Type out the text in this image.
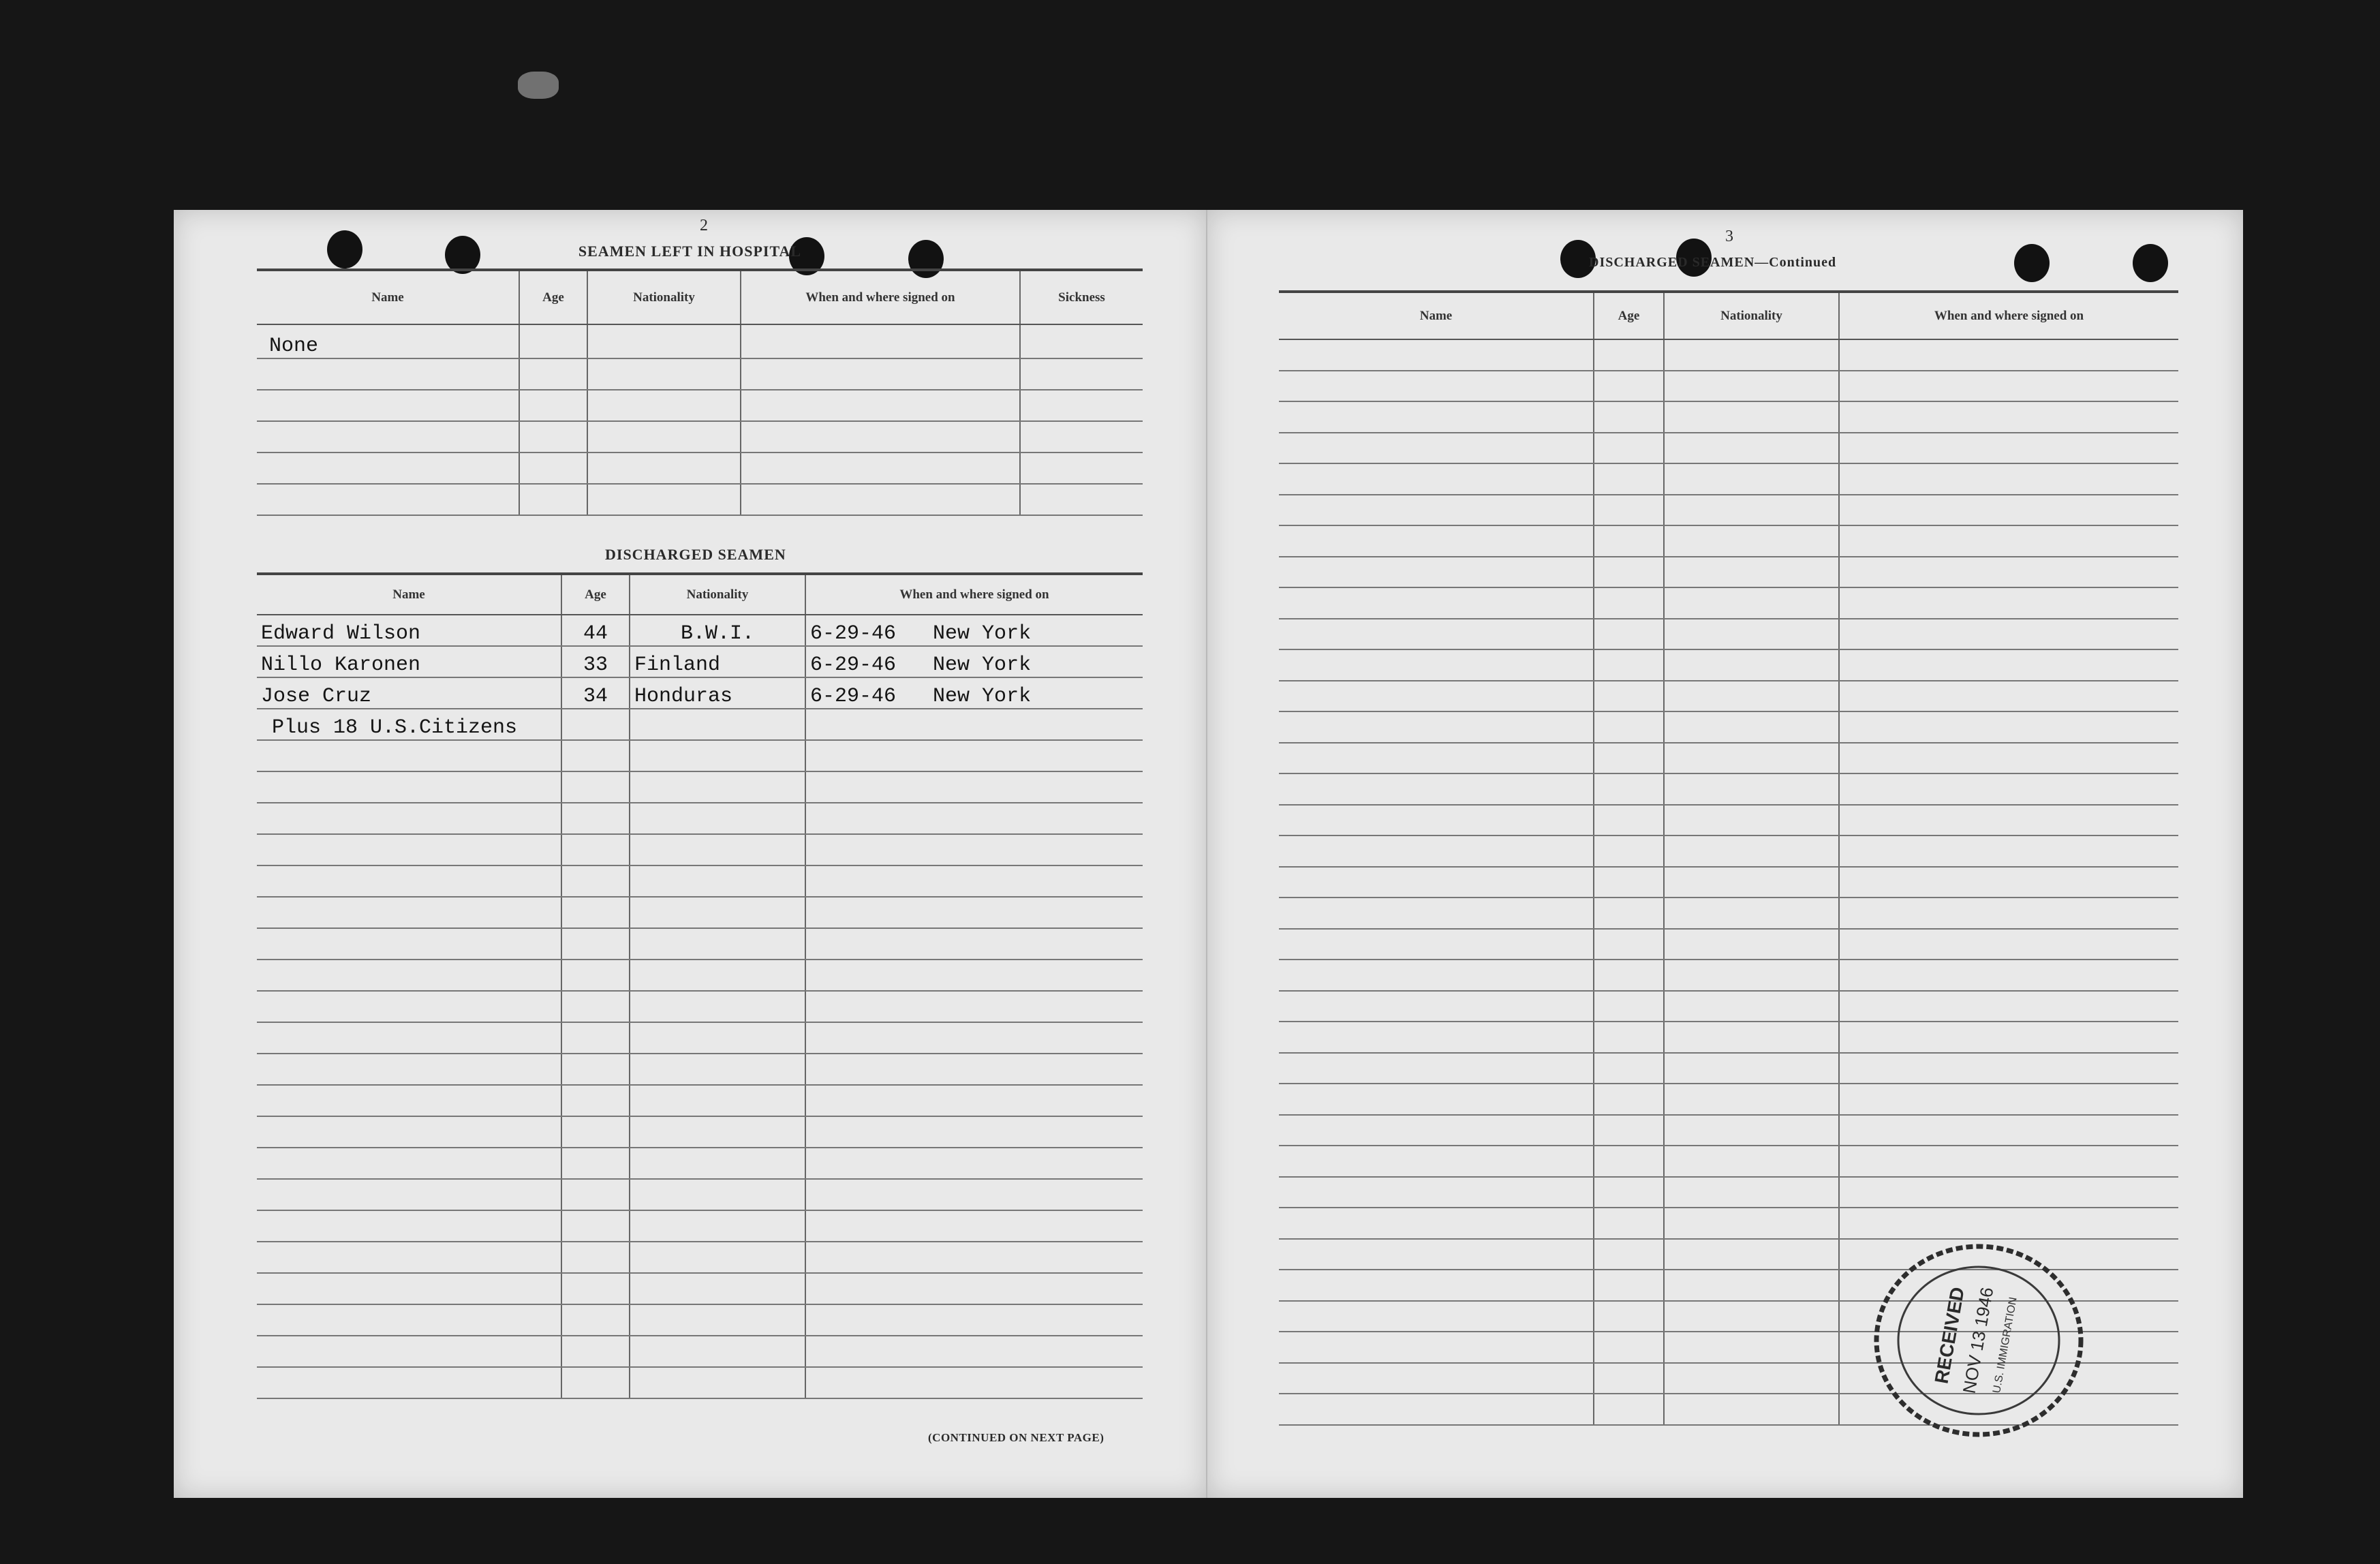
2
SEAMEN LEFT IN HOSPITAL
Name	Age	Nationality	When and where signed on	Sickness
None				

DISCHARGED SEAMEN
Name	Age	Nationality	When and where signed on
Edward Wilson	44	B.W.I.	6-29-46 New York
Nillo Karonen	33	Finland	6-29-46 New York
Jose Cruz	34	Honduras	6-29-46 New York
Plus 18 U.S.Citizens			

(CONTINUED ON NEXT PAGE)
3
DISCHARGED SEAMEN—Continued
Name	Age	Nationality	When and where signed on

RECEIVED
NOV 13 1946
U.S. IMMIGRATION
